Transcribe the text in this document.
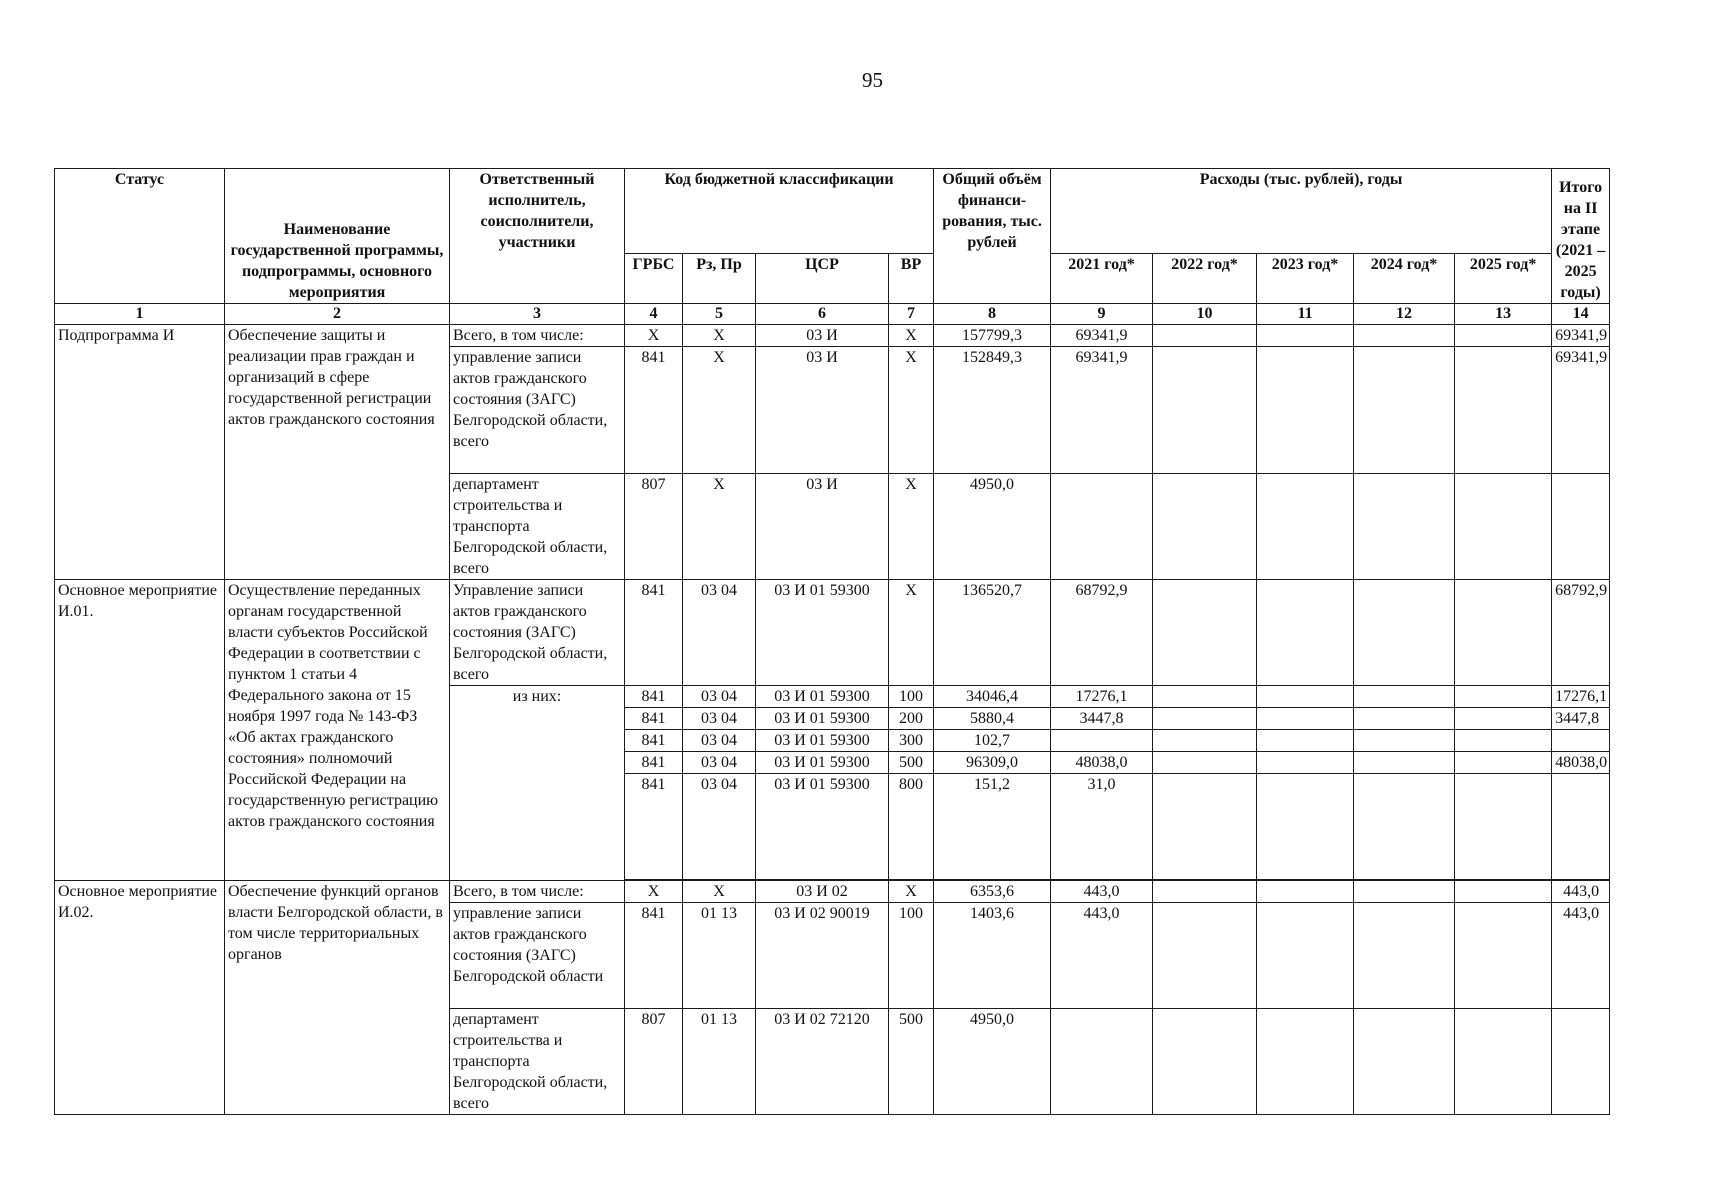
95
Статус	Наименование государственной программы, подпрограммы, основного мероприятия	Ответственный исполнитель, соисполнители, участники	Код бюджетной классификации				Общий объём финанси-рования, тыс. рублей	Расходы (тыс. рублей), годы					Итого на II этапе (2021 – 2025 годы)
			ГРБС	Рз, Пр	ЦСР	ВР		2021 год*	2022 год*	2023 год*	2024 год*	2025 год*	
1	2	3	4	5	6	7	8	9	10	11	12	13	14
Подпрограмма И	Обеспечение защиты и реализации прав граждан и организаций в сфере государственной регистрации актов гражданского состояния	Всего, в том числе:	Х	Х	03 И	Х	157799,3	69341,9					69341,9
		управление записи актов гражданского состояния (ЗАГС) Белгородской области, всего	841	Х	03 И	Х	152849,3	69341,9					69341,9
		департамент строительства и транспорта Белгородской области, всего	807	Х	03 И	Х	4950,0						
Основное мероприятие И.01.	Осуществление переданных органам государственной власти субъектов Российской Федерации в соответствии с пунктом 1 статьи 4 Федерального закона от 15 ноября 1997 года № 143-ФЗ «Об актах гражданского состояния» полномочий Российской Федерации на государственную регистрацию актов гражданского состояния	Управление записи актов гражданского состояния (ЗАГС) Белгородской области, всего	841	03 04	03 И 01 59300	Х	136520,7	68792,9					68792,9
		из них:	841	03 04	03 И 01 59300	100	34046,4	17276,1					17276,1
			841	03 04	03 И 01 59300	200	5880,4	3447,8					3447,8
			841	03 04	03 И 01 59300	300	102,7						
			841	03 04	03 И 01 59300	500	96309,0	48038,0					48038,0
			841	03 04	03 И 01 59300	800	151,2	31,0					

Основное мероприятие И.02.	Обеспечение функций органов власти Белгородской области, в том числе территориальных органов	Всего, в том числе:	Х	Х	03 И 02	Х	6353,6	443,0					443,0
		управление записи актов гражданского состояния (ЗАГС) Белгородской области	841	01 13	03 И 02 90019	100	1403,6	443,0					443,0
		департамент строительства и транспорта Белгородской области, всего	807	01 13	03 И 02 72120	500	4950,0						
